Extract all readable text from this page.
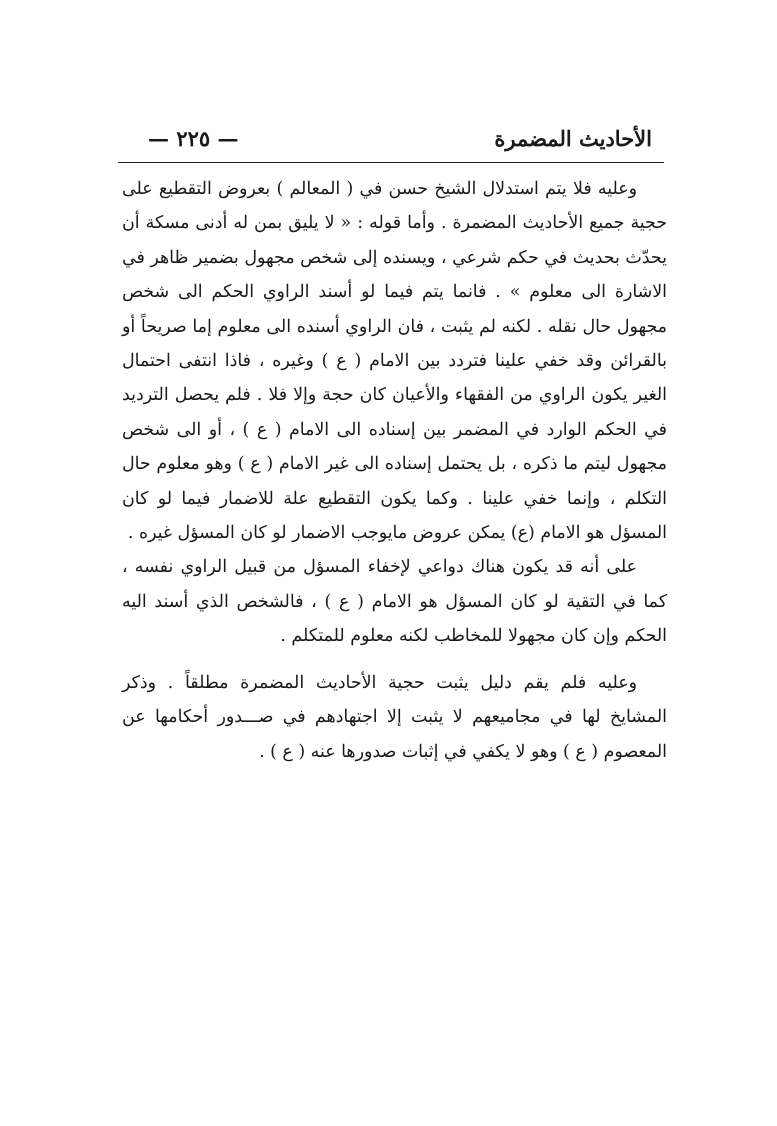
الأحاديث المضمرة
— ٢٢٥ —

وعليه فلا يتم استدلال الشيخ حسن في ( المعالم ) بعروض التقطيع على حجية جميع الأحاديث المضمرة . وأما قوله : « لا يليق بمن له أدنى مسكة أن يحدّث بحديث في حكم شرعي ، ويسنده إلى شخص مجهول بضمير ظاهر في الاشارة الى معلوم » . فانما يتم فيما لو أسند الراوي الحكم الى شخص مجهول حال نقله . لكنه لم يثبت ، فان الراوي أسنده الى معلوم إما صريحاً أو بالقرائن وقد خفي علينا فتردد بين الامام ( ع ) وغيره ، فاذا انتفى احتمال الغير يكون الراوي من الفقهاء والأعيان كان حجة وإلا فلا . فلم يحصل الترديد في الحكم الوارد في المضمر بين إسناده الى الامام ( ع ) ، أو الى شخص مجهول ليتم ما ذكره ، بل يحتمل إسناده الى غير الامام ( ع ) وهو معلوم حال التكلم ، وإنما خفي علينا . وكما يكون التقطيع علة للاضمار فيما لو كان المسؤل هو الامام (ع) يمكن عروض مايوجب الاضمار لو كان المسؤل غيره .

على أنه قد يكون هناك دواعي لإخفاء المسؤل من قبيل الراوي نفسه ، كما في التقية لو كان المسؤل هو الامام ( ع ) ، فالشخص الذي أسند اليه الحكم وإن كان مجهولا للمخاطب لكنه معلوم للمتكلم .

وعليه فلم يقم دليل يثبت حجية الأحاديث المضمرة مطلقاً . وذكر المشايخ لها في مجاميعهم لا يثبت إلا اجتهادهم في صـــدور أحكامها عن المعصوم ( ع ) وهو لا يكفي في إثبات صدورها عنه ( ع ) .
